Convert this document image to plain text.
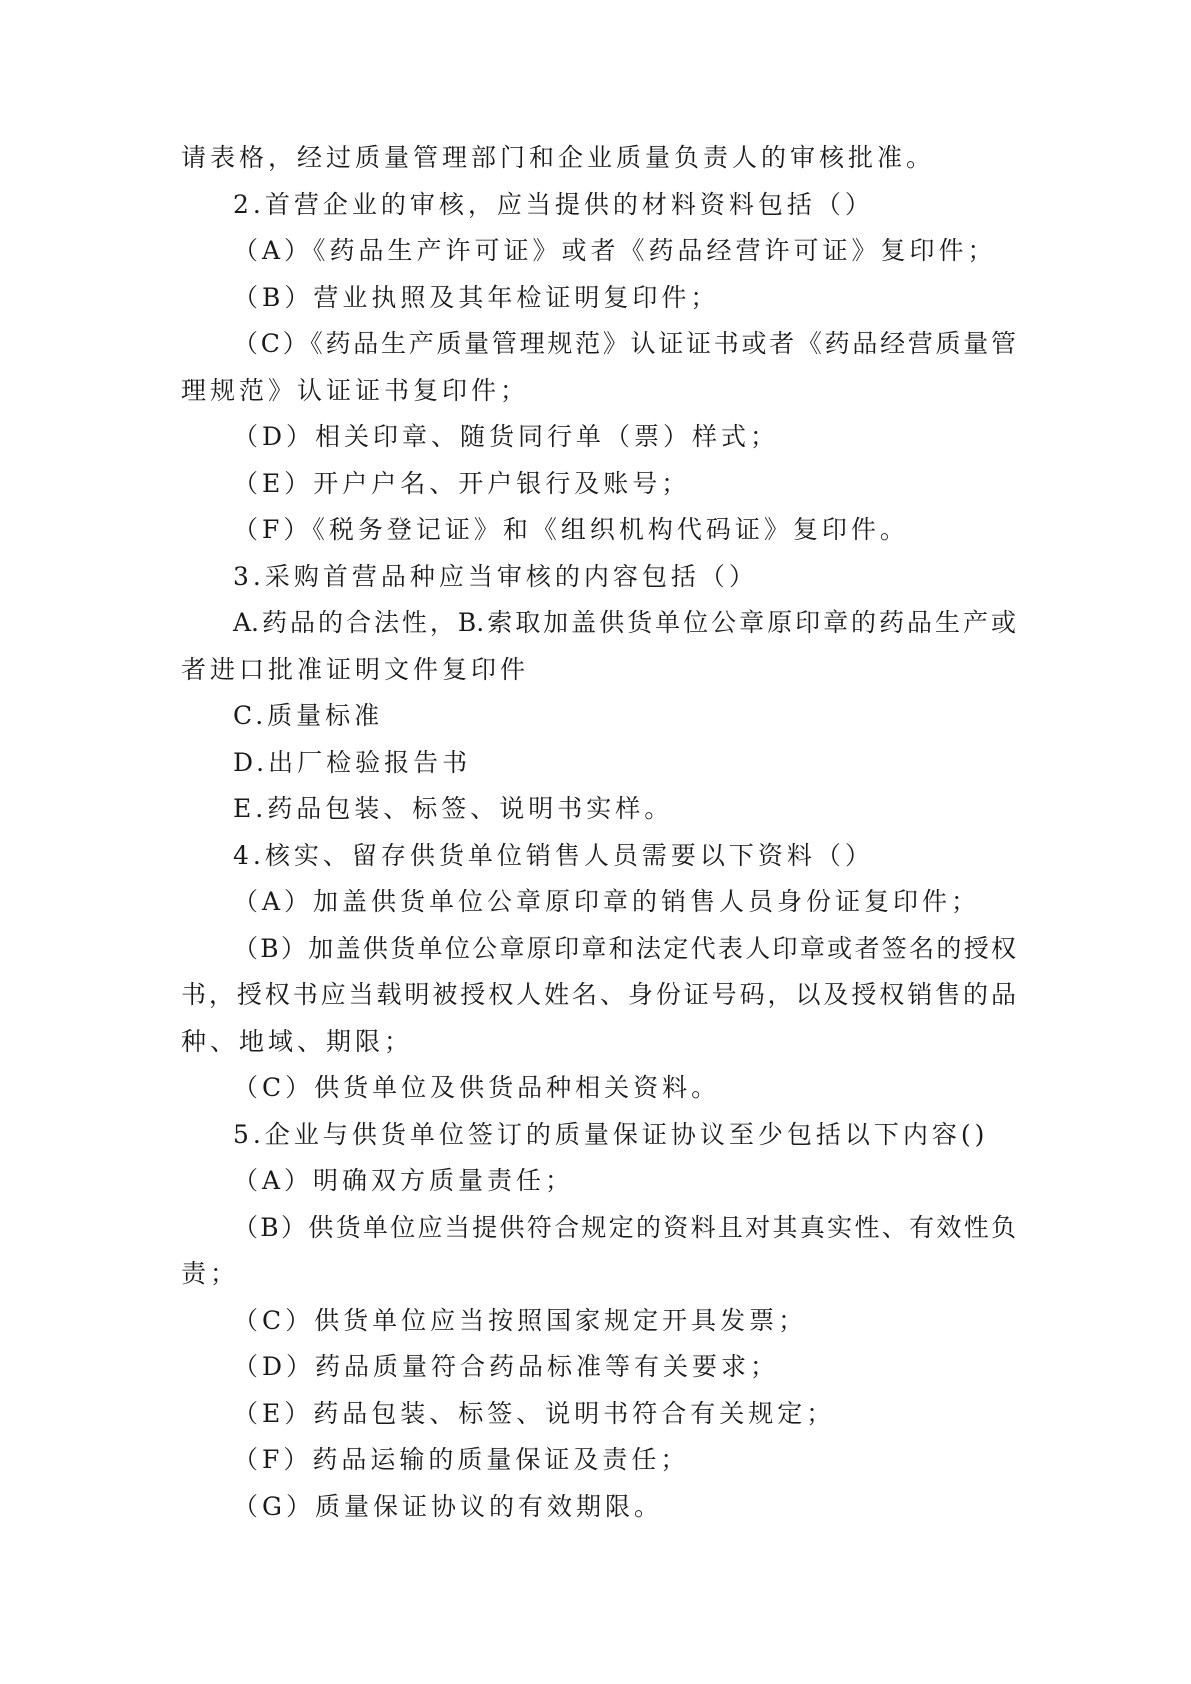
请表格，经过质量管理部门和企业质量负责人的审核批准。
2.首营企业的审核，应当提供的材料资料包括（）
（A）《药品生产许可证》或者《药品经营许可证》复印件；
（B）营业执照及其年检证明复印件；
（C）《药品生产质量管理规范》认证证书或者《药品经营质量管
理规范》认证证书复印件；
（D）相关印章、随货同行单（票）样式；
（E）开户户名、开户银行及账号；
（F）《税务登记证》和《组织机构代码证》复印件。
3.采购首营品种应当审核的内容包括（）
A.药品的合法性，B.索取加盖供货单位公章原印章的药品生产或
者进口批准证明文件复印件
C.质量标准
D.出厂检验报告书
E.药品包装、标签、说明书实样。
4.核实、留存供货单位销售人员需要以下资料（）
（A）加盖供货单位公章原印章的销售人员身份证复印件；
（B）加盖供货单位公章原印章和法定代表人印章或者签名的授权
书，授权书应当载明被授权人姓名、身份证号码，以及授权销售的品
种、地域、期限；
（C）供货单位及供货品种相关资料。
5.企业与供货单位签订的质量保证协议至少包括以下内容()
（A）明确双方质量责任；
（B）供货单位应当提供符合规定的资料且对其真实性、有效性负
责；
（C）供货单位应当按照国家规定开具发票；
（D）药品质量符合药品标准等有关要求；
（E）药品包装、标签、说明书符合有关规定；
（F）药品运输的质量保证及责任；
（G）质量保证协议的有效期限。
